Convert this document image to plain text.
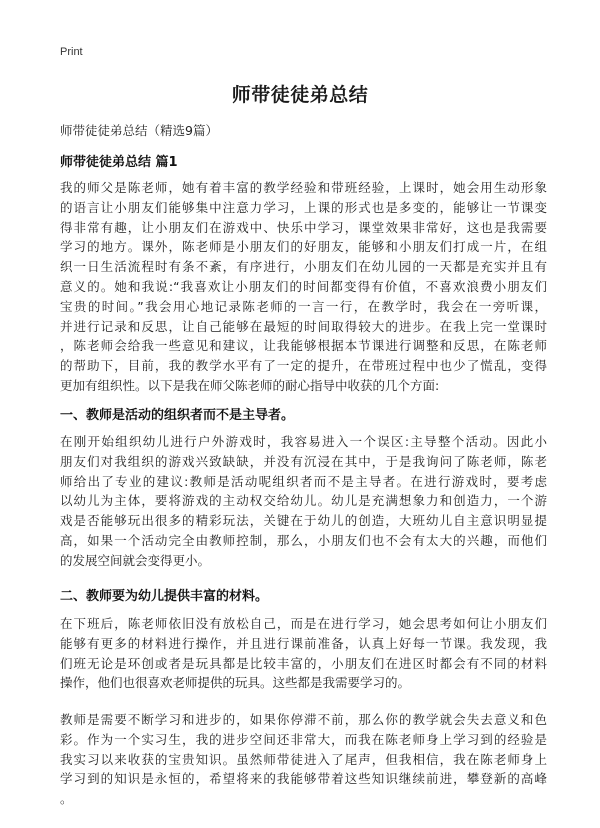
Print
师带徒徒弟总结
师带徒徒弟总结（精选9篇）
师带徒徒弟总结 篇1
我的师父是陈老师，她有着丰富的教学经验和带班经验，上课时，她会用生动形象
的语言让小朋友们能够集中注意力学习，上课的形式也是多变的，能够让一节课变
得非常有趣，让小朋友们在游戏中、快乐中学习，课堂效果非常好，这也是我需要
学习的地方。课外，陈老师是小朋友们的好朋友，能够和小朋友们打成一片，在组
织一日生活流程时有条不紊，有序进行，小朋友们在幼儿园的一天都是充实并且有
意义的。她和我说:“我喜欢让小朋友们的时间都变得有价值，不喜欢浪费小朋友们
宝贵的时间。”我会用心地记录陈老师的一言一行，在教学时，我会在一旁听课，
并进行记录和反思，让自己能够在最短的时间取得较大的进步。在我上完一堂课时
，陈老师会给我一些意见和建议，让我能够根据本节课进行调整和反思，在陈老师
的帮助下，目前，我的教学水平有了一定的提升，在带班过程中也少了慌乱，变得
更加有组织性。以下是我在师父陈老师的耐心指导中收获的几个方面:
一、教师是活动的组织者而不是主导者。
在刚开始组织幼儿进行户外游戏时，我容易进入一个误区:主导整个活动。因此小
朋友们对我组织的游戏兴致缺缺，并没有沉浸在其中，于是我询问了陈老师，陈老
师给出了专业的建议:教师是活动呢组织者而不是主导者。在进行游戏时，要考虑
以幼儿为主体，要将游戏的主动权交给幼儿。幼儿是充满想象力和创造力，一个游
戏是否能够玩出很多的精彩玩法，关键在于幼儿的创造，大班幼儿自主意识明显提
高，如果一个活动完全由教师控制，那么，小朋友们也不会有太大的兴趣，而他们
的发展空间就会变得更小。
二、教师要为幼儿提供丰富的材料。
在下班后，陈老师依旧没有放松自己，而是在进行学习，她会思考如何让小朋友们
能够有更多的材料进行操作，并且进行课前准备，认真上好每一节课。我发现，我
们班无论是环创或者是玩具都是比较丰富的，小朋友们在进区时都会有不同的材料
操作，他们也很喜欢老师提供的玩具。这些都是我需要学习的。
教师是需要不断学习和进步的，如果你停滞不前，那么你的教学就会失去意义和色
彩。作为一个实习生，我的进步空间还非常大，而我在陈老师身上学习到的经验是
我实习以来收获的宝贵知识。虽然师带徒进入了尾声，但我相信，我在陈老师身上
学习到的知识是永恒的，希望将来的我能够带着这些知识继续前进，攀登新的高峰
。
